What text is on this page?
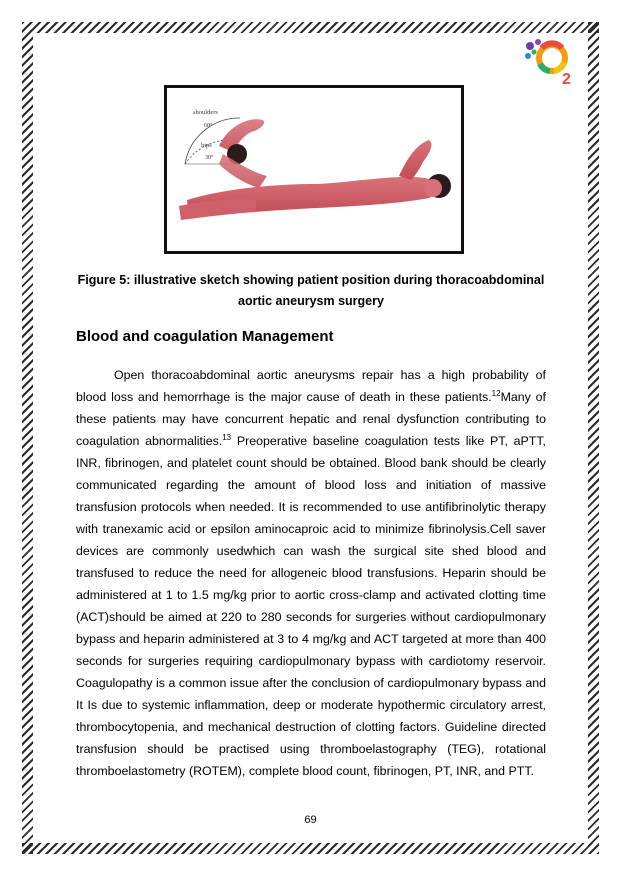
2
shoulders
60°
hips
30°
Figure 5: illustrative sketch showing patient position during thoracoabdominal
aortic aneurysm surgery
Blood and coagulation Management

Open thoracoabdominal aortic aneurysms repair has a high probability of blood loss and hemorrhage is the major cause of death in these patients.$^{12}$Many of these patients may have concurrent hepatic and renal dysfunction contributing to coagulation abnormalities.$^{13}$ Preoperative baseline coagulation tests like PT, aPTT, INR, fibrinogen, and platelet count should be obtained. Blood bank should be clearly communicated regarding the amount of blood loss and initiation of massive transfusion protocols when needed. It is recommended to use antifibrinolytic therapy with tranexamic acid or epsilon aminocaproic acid to minimize fibrinolysis.Cell saver devices are commonly usedwhich can wash the surgical site shed blood and transfused to reduce the need for allogeneic blood transfusions. Heparin should be administered at 1 to 1.5 mg/kg prior to aortic cross-clamp and activated clotting time (ACT)should be aimed at 220 to 280 seconds for surgeries without cardiopulmonary bypass and heparin administered at 3 to 4 mg/kg and ACT targeted at more than 400 seconds for surgeries requiring cardiopulmonary bypass with cardiotomy reservoir. Coagulopathy is a common issue after the conclusion of cardiopulmonary bypass and It Is due to systemic inflammation, deep or moderate hypothermic circulatory arrest, thrombocytopenia, and mechanical destruction of clotting factors. Guideline directed transfusion should be practised using thromboelastography (TEG), rotational thromboelastometry (ROTEM), complete blood count, fibrinogen, PT, INR, and PTT.

69
